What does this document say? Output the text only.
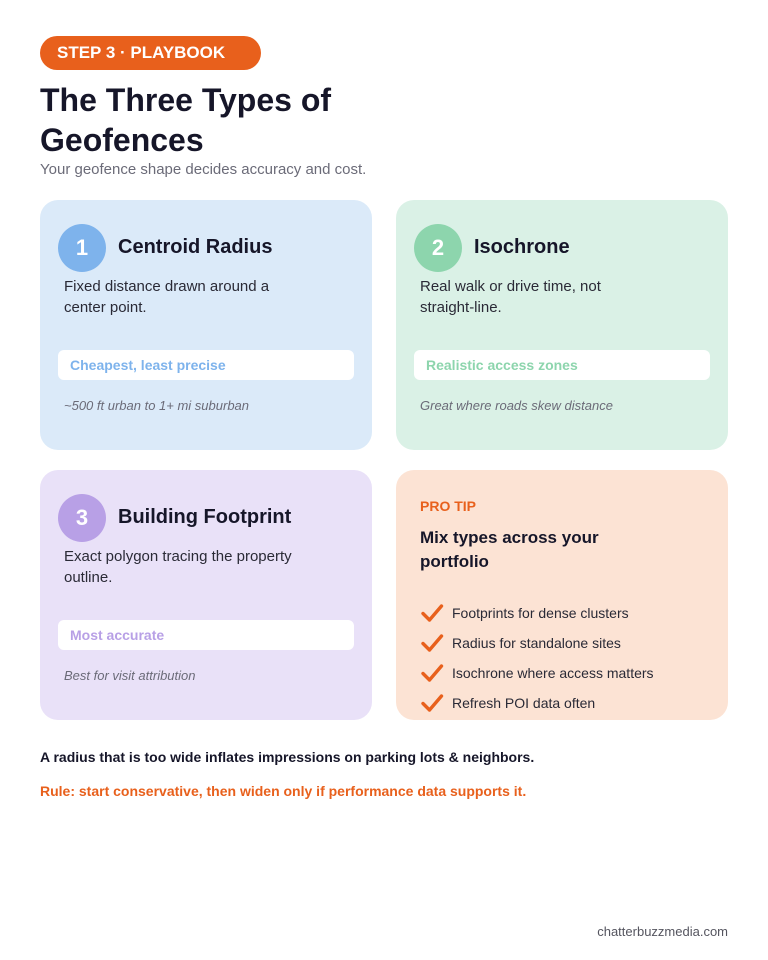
STEP 3 · PLAYBOOK
The Three Types of Geofences

Your geofence shape decides accuracy and cost.

1	Centroid Radius
Fixed distance drawn around a center point.
Cheapest, least precise
~500 ft urban to 1+ mi suburban
2	Isochrone
Real walk or drive time, not straight-line.
Realistic access zones
Great where roads skew distance
3	Building Footprint
Exact polygon tracing the property outline.
Most accurate
Best for visit attribution
PRO TIP
Mix types across your portfolio
Footprints for dense clusters
Radius for standalone sites
Isochrone where access matters
Refresh POI data often

A radius that is too wide inflates impressions on parking lots & neighbors.

Rule: start conservative, then widen only if performance data supports it.

chatterbuzzmedia.com
